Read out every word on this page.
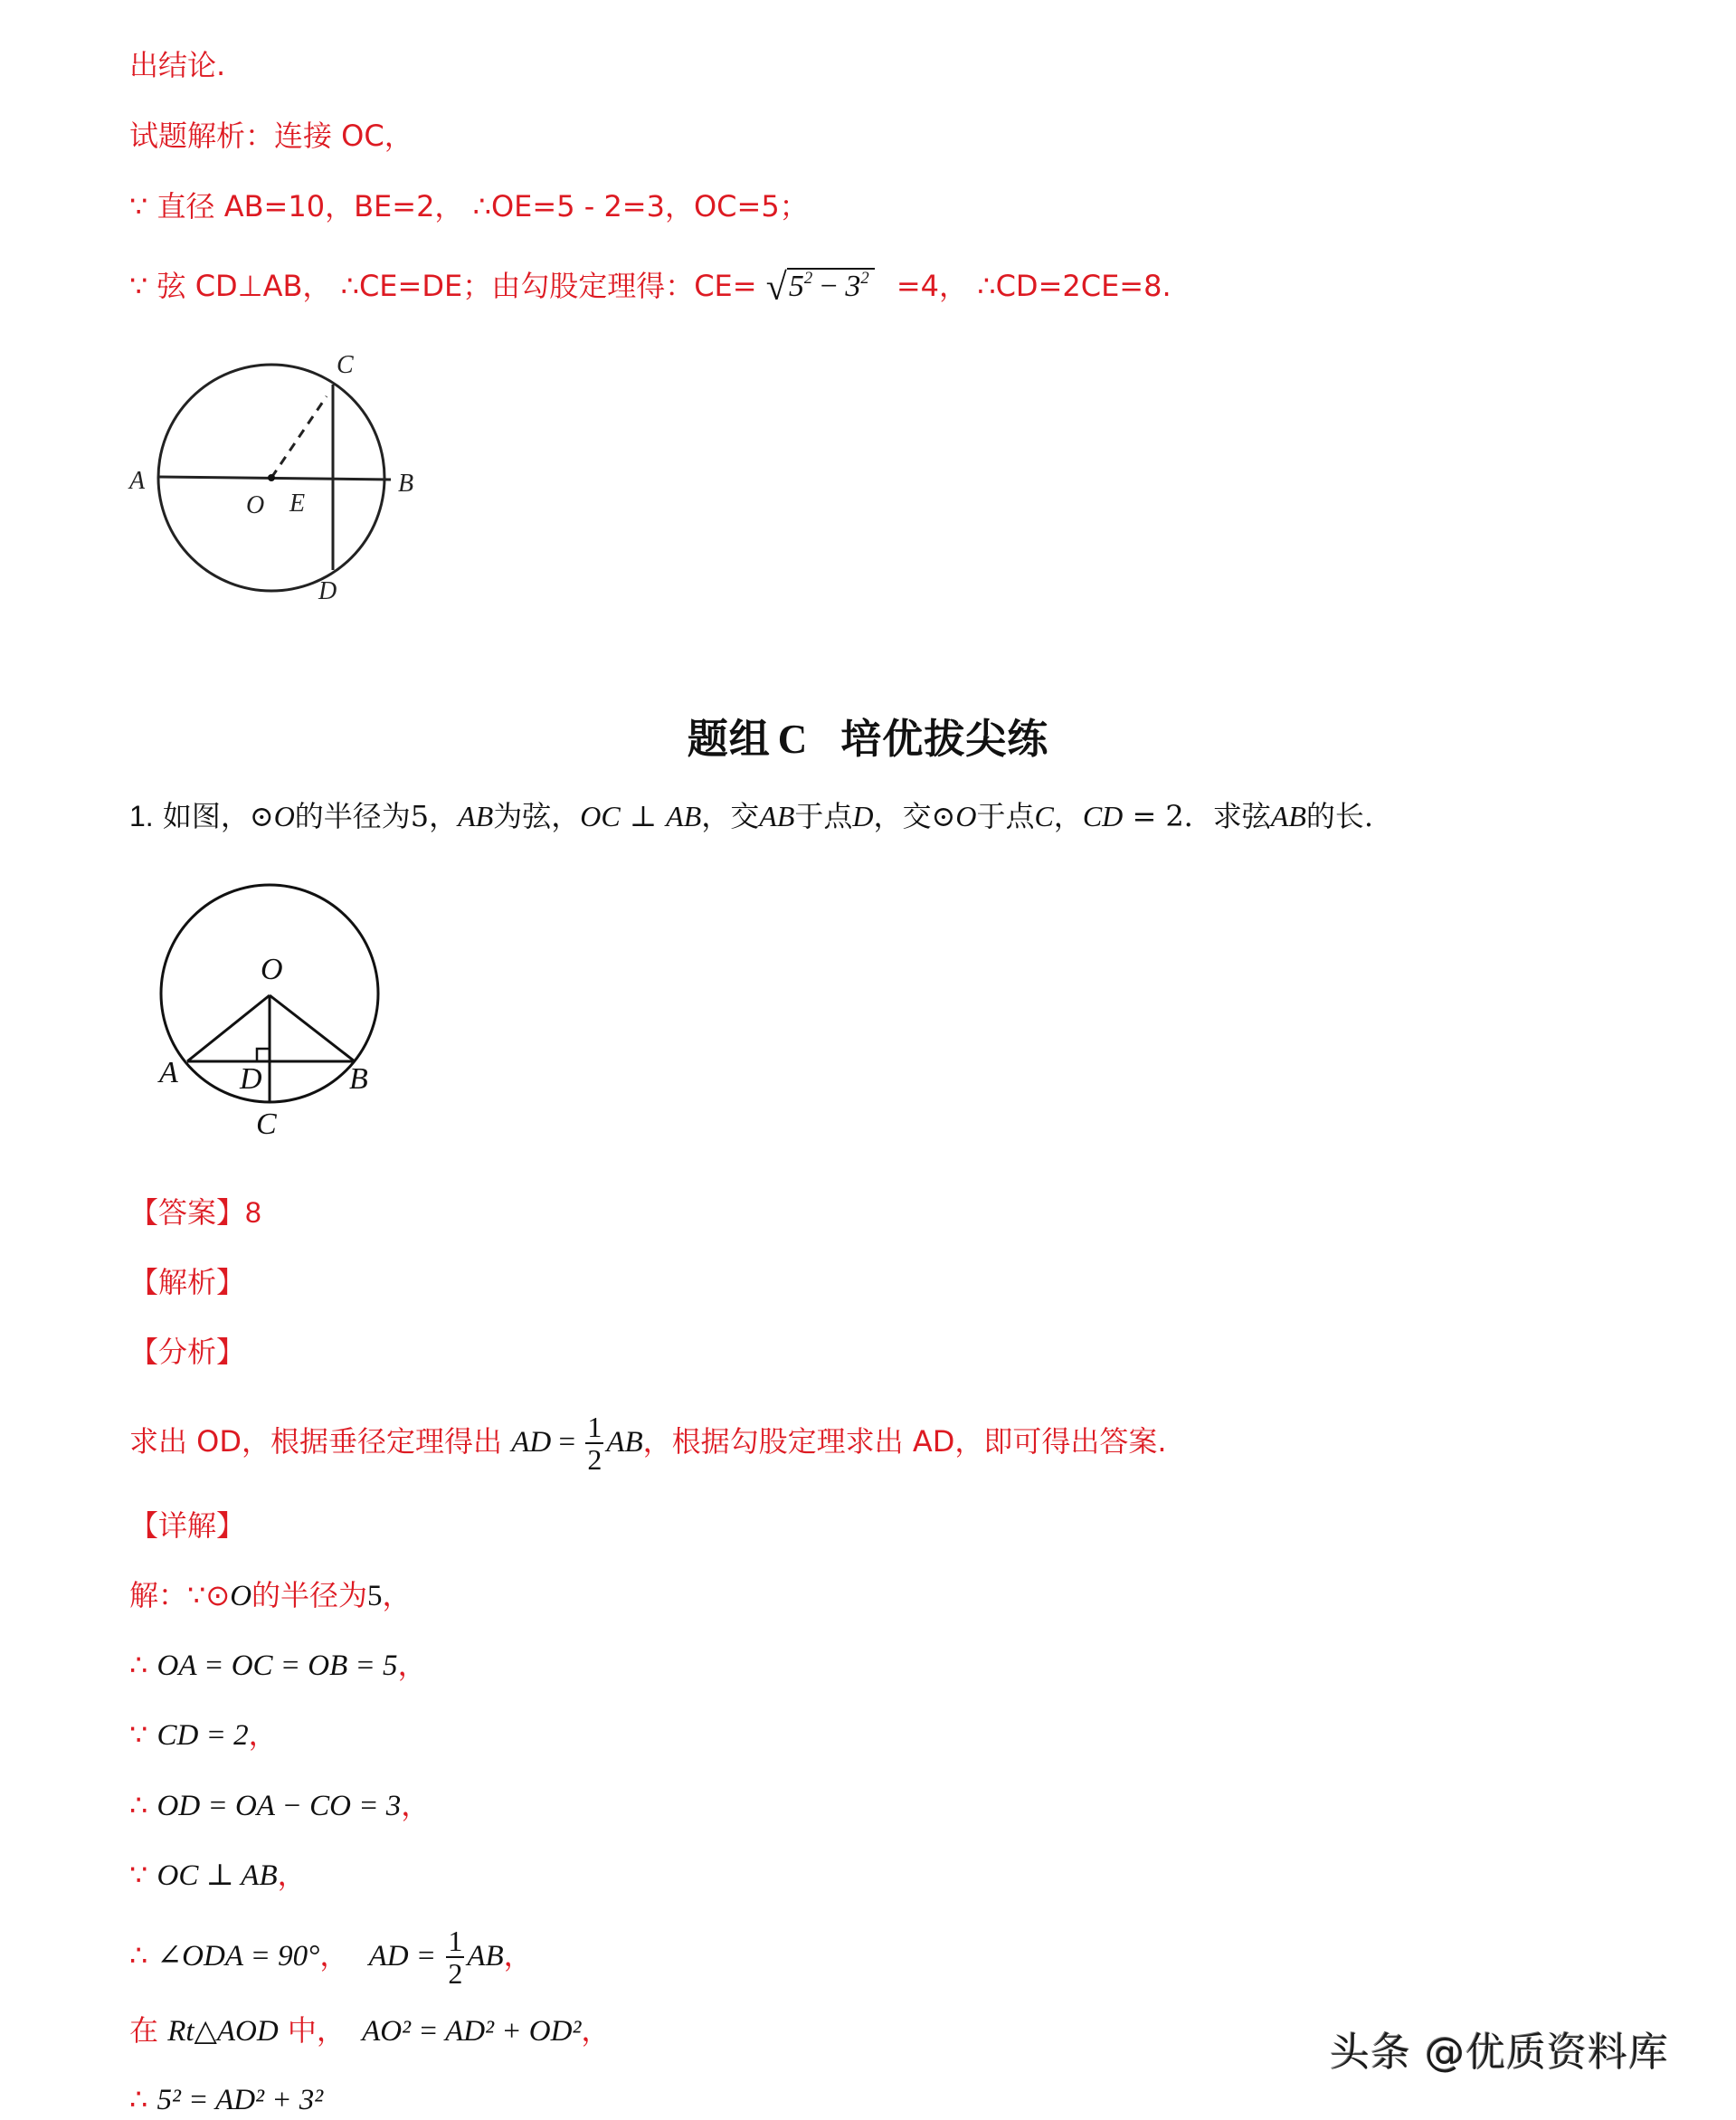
出结论.
试题解析：连接 OC，
∵ 直径 AB=10，BE=2， ∴OE=5 - 2=3，OC=5；
∵ 弦 CD⊥AB， ∴CE=DE；由勾股定理得：$CE= √5^2 - 3^2 =4$， ∴CD=2CE=8.
A	B
C
D
O E
题组 C 培优拔尖练
1. 如图，⊙O的半径为5，AB为弦，OC ⊥ AB，交AB于点D，交⊙O于点C，CD = 2．求弦AB的长.
O
A D	B
C
【答案】8
【解析】
【分析】
求出 OD，根据垂径定理得出 AD = $\frac{1}{2}$ AB，根据勾股定理求出 AD，即可得出答案.
【详解】
解：∵⊙O的半径为5，
∴ OA = OC = OB = 5，
∵ CD = 2，
∴ OD = OA − CO = 3，
∵ OC ⊥ AB，
∴ ∠ODA = 90°， AD = $\frac{1}{2}$ AB，
在 Rt△AOD 中， AO² = AD² + OD²，
∴ 5² = AD² + 3²
头条 @优质资料库
